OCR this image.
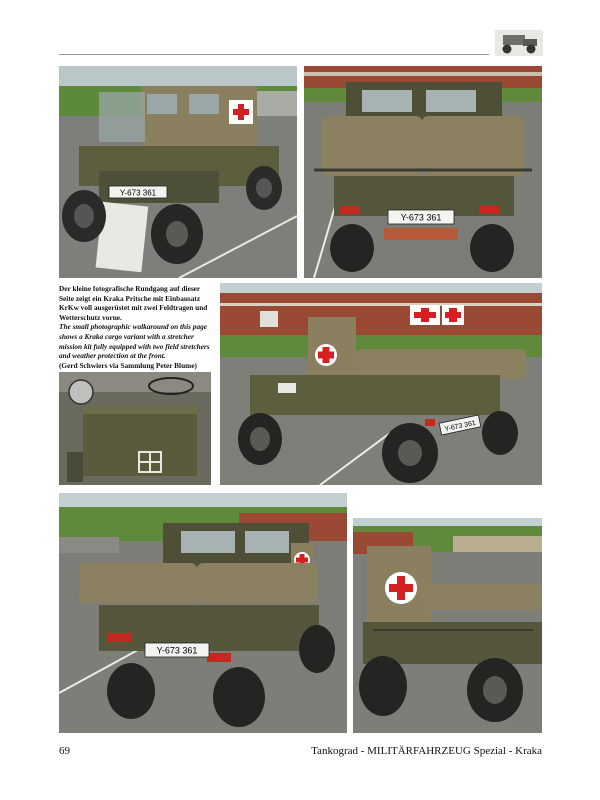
Y-673 361
Y-673 361
Der kleine fotografische Rundgang auf dieser Seite zeigt ein Kraka Pritsche mit Einbausatz KrKw voll ausgerüstet mit zwei Feldtragen und Wetterschutz vorne.
The small photographic walkaround on this page shows a Kraka cargo variant with a stretcher mission kit fully equipped with two field stretchers and weather protection at the front.
(Gerd Schwiers via Sammlung Peter Blume)
Y-673 361
Y-673 361
69	Tankograd - MILITÄRFAHRZEUG Spezial - Kraka
